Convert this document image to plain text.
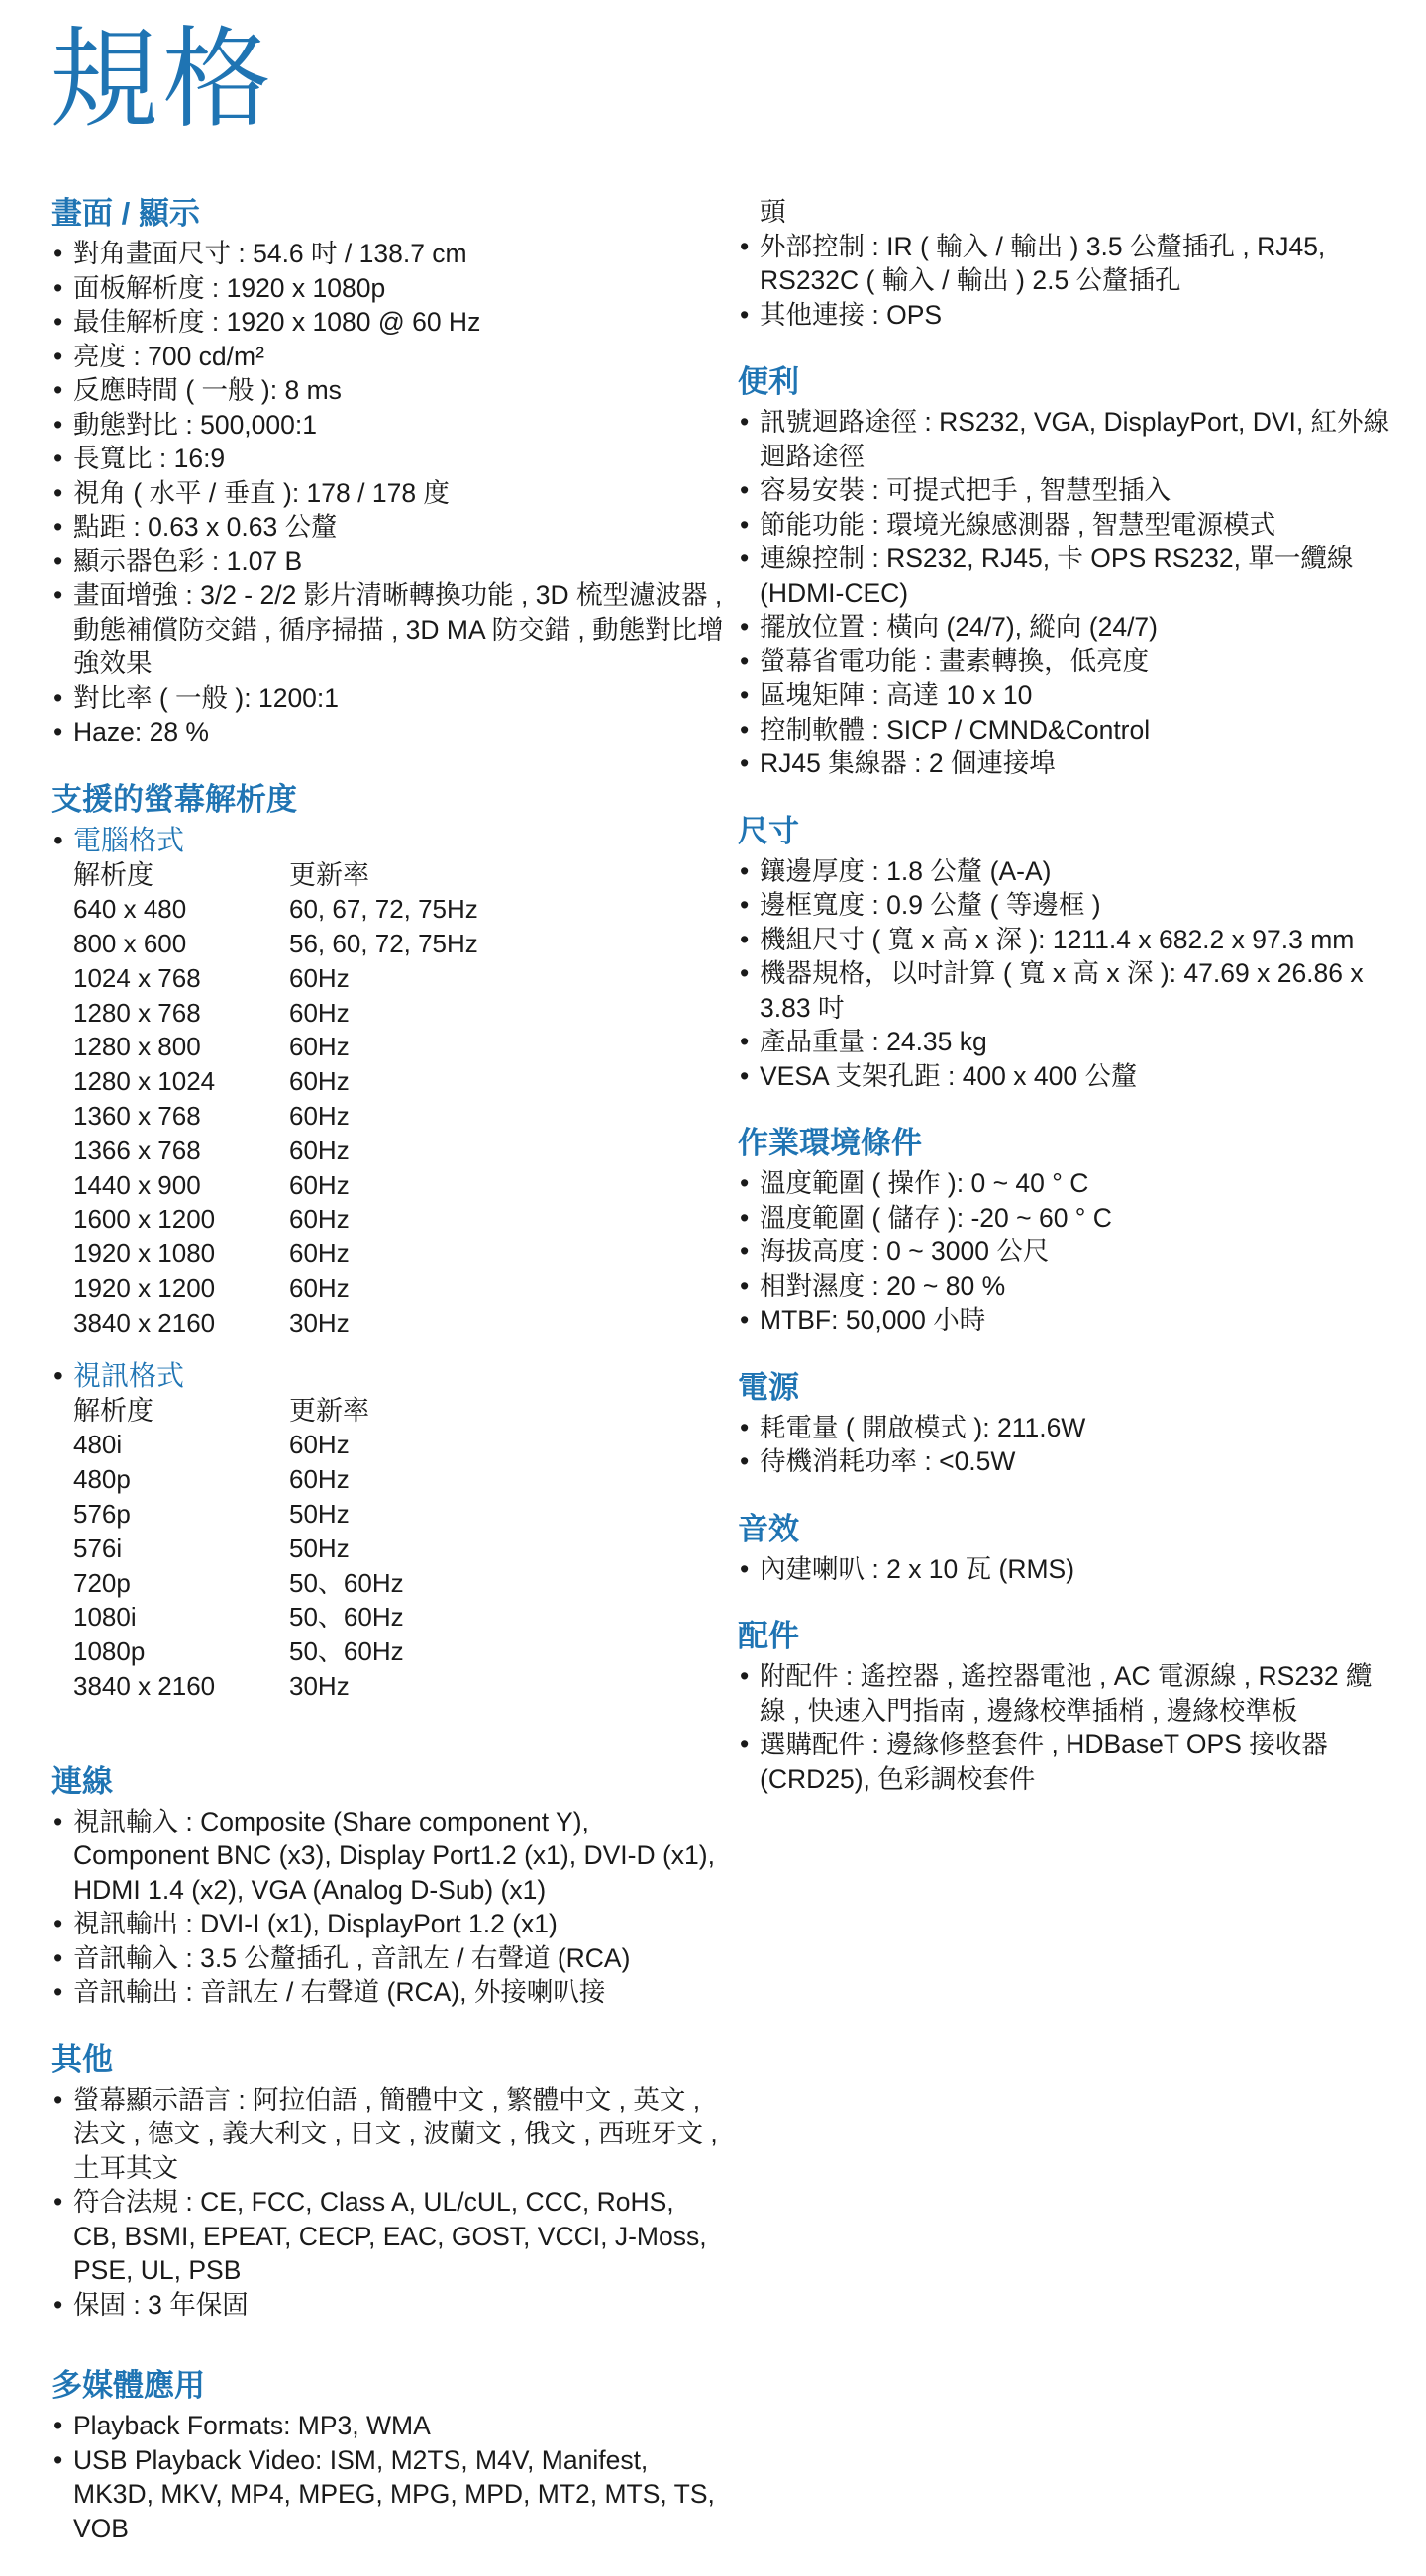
規格
畫面 / 顯示
• 對角畫面尺寸 : 54.6 吋 / 138.7 cm
• 面板解析度 : 1920 x 1080p
• 最佳解析度 : 1920 x 1080 @ 60 Hz
• 亮度 : 700 cd/m²
• 反應時間 ( 一般 ): 8 ms
• 動態對比 : 500,000:1
• 長寬比 : 16:9
• 視角 ( 水平 / 垂直 ): 178 / 178 度
• 點距 : 0.63 x 0.63 公釐
• 顯示器色彩 : 1.07 B
• 畫面增強 : 3/2 - 2/2 影片清晰轉換功能 , 3D 梳型濾波器 , 動態補償防交錯 , 循序掃描 , 3D MA 防交錯 , 動態對比增強效果
• 對比率 ( 一般 ): 1200:1
• Haze: 28 %
支援的螢幕解析度
• 電腦格式
解析度	更新率
640 x 480	60, 67, 72, 75Hz
800 x 600	56, 60, 72, 75Hz
1024 x 768	60Hz
1280 x 768	60Hz
1280 x 800	60Hz
1280 x 1024	60Hz
1360 x 768	60Hz
1366 x 768	60Hz
1440 x 900	60Hz
1600 x 1200	60Hz
1920 x 1080	60Hz
1920 x 1200	60Hz
3840 x 2160	30Hz
• 視訊格式
解析度	更新率
480i	60Hz
480p	60Hz
576p	50Hz
576i	50Hz
720p	50、60Hz
1080i	50、60Hz
1080p	50、60Hz
3840 x 2160	30Hz
連線
• 視訊輸入 : Composite (Share component Y), Component BNC (x3), Display Port1.2 (x1), DVI-D (x1), HDMI 1.4 (x2), VGA (Analog D-Sub) (x1)
• 視訊輸出 : DVI-I (x1), DisplayPort 1.2 (x1)
• 音訊輸入 : 3.5 公釐插孔 , 音訊左 / 右聲道 (RCA)
• 音訊輸出 : 音訊左 / 右聲道 (RCA), 外接喇叭接
其他
• 螢幕顯示語言 : 阿拉伯語 , 簡體中文 , 繁體中文 , 英文 , 法文 , 德文 , 義大利文 , 日文 , 波蘭文 , 俄文 , 西班牙文 , 土耳其文
• 符合法規 : CE, FCC, Class A, UL/cUL, CCC, RoHS, CB, BSMI, EPEAT, CECP, EAC, GOST, VCCI, J-Moss, PSE, UL, PSB
• 保固 : 3 年保固
多媒體應用
• Playback Formats: MP3, WMA
• USB Playback Video: ISM, M2TS, M4V, Manifest, MK3D, MKV, MP4, MPEG, MPG, MPD, MT2, MTS, TS, VOB
頭
• 外部控制 : IR ( 輸入 / 輸出 ) 3.5 公釐插孔 , RJ45, RS232C ( 輸入 / 輸出 ) 2.5 公釐插孔
• 其他連接 : OPS
便利
• 訊號迴路途徑 : RS232, VGA, DisplayPort, DVI, 紅外線迴路途徑
• 容易安裝 : 可提式把手 , 智慧型插入
• 節能功能 : 環境光線感測器 , 智慧型電源模式
• 連線控制 : RS232, RJ45, 卡 OPS RS232, 單一纜線 (HDMI-CEC)
• 擺放位置 : 橫向 (24/7), 縱向 (24/7)
• 螢幕省電功能 : 畫素轉換，低亮度
• 區塊矩陣 : 高達 10 x 10
• 控制軟體 : SICP / CMND&Control
• RJ45 集線器 : 2 個連接埠
尺寸
• 鑲邊厚度 : 1.8 公釐 (A-A)
• 邊框寬度 : 0.9 公釐 ( 等邊框 )
• 機組尺寸 ( 寬 x 高 x 深 ): 1211.4 x 682.2 x 97.3 mm
• 機器規格，以吋計算 ( 寬 x 高 x 深 ): 47.69 x 26.86 x 3.83 吋
• 產品重量 : 24.35 kg
• VESA 支架孔距 : 400 x 400 公釐
作業環境條件
• 溫度範圍 ( 操作 ): 0 ~ 40 ° C
• 溫度範圍 ( 儲存 ): -20 ~ 60 ° C
• 海拔高度 : 0 ~ 3000 公尺
• 相對濕度 : 20 ~ 80 %
• MTBF: 50,000 小時
電源
• 耗電量 ( 開啟模式 ): 211.6W
• 待機消耗功率 : <0.5W
音效
• 內建喇叭 : 2 x 10 瓦 (RMS)
配件
• 附配件 : 遙控器 , 遙控器電池 , AC 電源線 , RS232 纜線 , 快速入門指南 , 邊緣校準插梢 , 邊緣校準板
• 選購配件 : 邊緣修整套件 , HDBaseT OPS 接收器 (CRD25), 色彩調校套件
